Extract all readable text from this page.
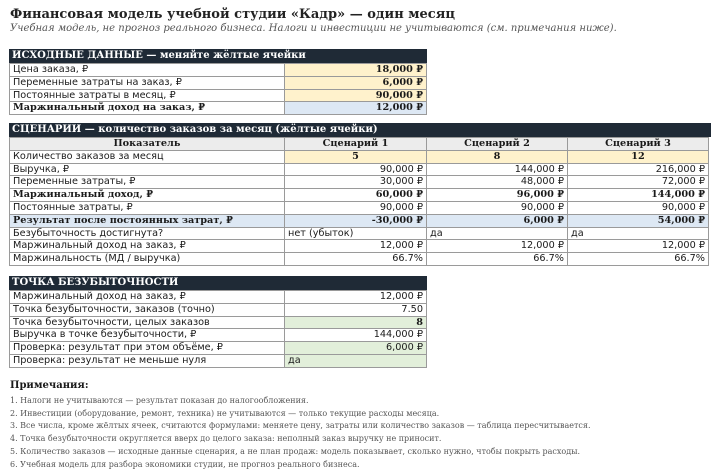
Финансовая модель учебной студии «Кадр» — один месяц
Учебная модель, не прогноз реального бизнеса. Налоги и инвестиции не учитываются (см. примечания ниже).
ИСХОДНЫЕ ДАННЫЕ — меняйте жёлтые ячейки
Цена заказа, ₽	18,000 ₽
Переменные затраты на заказ, ₽	6,000 ₽
Постоянные затраты в месяц, ₽	90,000 ₽
Маржинальный доход на заказ, ₽	12,000 ₽
СЦЕНАРИИ — количество заказов за месяц (жёлтые ячейки)
Показатель	Сценарий 1	Сценарий 2	Сценарий 3
Количество заказов за месяц	5	8	12
Выручка, ₽	90,000 ₽	144,000 ₽	216,000 ₽
Переменные затраты, ₽	30,000 ₽	48,000 ₽	72,000 ₽
Маржинальный доход, ₽	60,000 ₽	96,000 ₽	144,000 ₽
Постоянные затраты, ₽	90,000 ₽	90,000 ₽	90,000 ₽
Результат после постоянных затрат, ₽	-30,000 ₽	6,000 ₽	54,000 ₽
Безубыточность достигнута?	нет (убыток)	да	да
Маржинальный доход на заказ, ₽	12,000 ₽	12,000 ₽	12,000 ₽
Маржинальность (МД / выручка)	66.7%	66.7%	66.7%
ТОЧКА БЕЗУБЫТОЧНОСТИ
Маржинальный доход на заказ, ₽	12,000 ₽
Точка безубыточности, заказов (точно)	7.50
Точка безубыточности, целых заказов	8
Выручка в точке безубыточности, ₽	144,000 ₽
Проверка: результат при этом объёме, ₽	6,000 ₽
Проверка: результат не меньше нуля	да
Примечания:
1. Налоги не учитываются — результат показан до налогообложения.
2. Инвестиции (оборудование, ремонт, техника) не учитываются — только текущие расходы месяца.
3. Все числа, кроме жёлтых ячеек, считаются формулами: меняете цену, затраты или количество заказов — таблица пересчитывается.
4. Точка безубыточности округляется вверх до целого заказа: неполный заказ выручку не приносит.
5. Количество заказов — исходные данные сценария, а не план продаж: модель показывает, сколько нужно, чтобы покрыть расходы.
6. Учебная модель для разбора экономики студии, не прогноз реального бизнеса.
